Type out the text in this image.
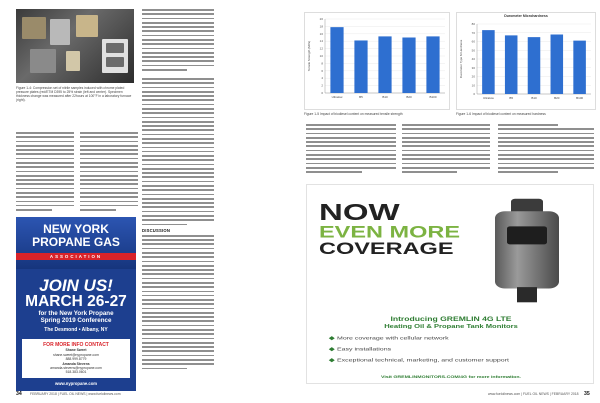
Figure 1-4: Compression set of nitrile samples induced with chrome plated pressure plates (red/ETM D395 to 25% strain (left and center). Specimen thickness change was measured after 22hours at 100°F in a laboratory furnace (right).
DISCUSSION
NEW YORK
PROPANE GAS
ASSOCIATION
JOIN US!
MARCH 26-27
for the New York Propane
Spring 2019 Conference
The Desmond • Albany, NY
FOR MORE INFO CONTACT
Shane Sweet
shane.sweet@nypropane.com
888.999.8779
Amanda Stevens
amanda.stevens@nypropane.com
518.383.0601
www.nypropane.com
34 FEBRUARY 2018 | FUEL OIL NEWS | www.fueloilnews.com
0
2
4
6
8
10
12
14
16
18
20
Ultralow	B5	B10	B20	B100
Tensile Strength (MPa)
Figure 1-5 Impact of biodiesel content on measured tensile strength
Durometer Microhardness
0
10
20
30
40
50
60
70
80
Ultralow	B5	B10	B20	B100
Durometer Type M Hardness
Figure 1-6 Impact of biodiesel content on measured hardness
NOW
EVEN MORE
COVERAGE
Introducing GREMLIN 4G LTE
Heating Oil & Propane Tank Monitors
◆ More coverage with cellular network
◆ Easy installations
◆ Exceptional technical, marketing, and customer support
Visit GREMLINMONITORS.COM/4G for more information.
www.fueloilnews.com | FUEL OIL NEWS | FEBRUARY 2018 35
